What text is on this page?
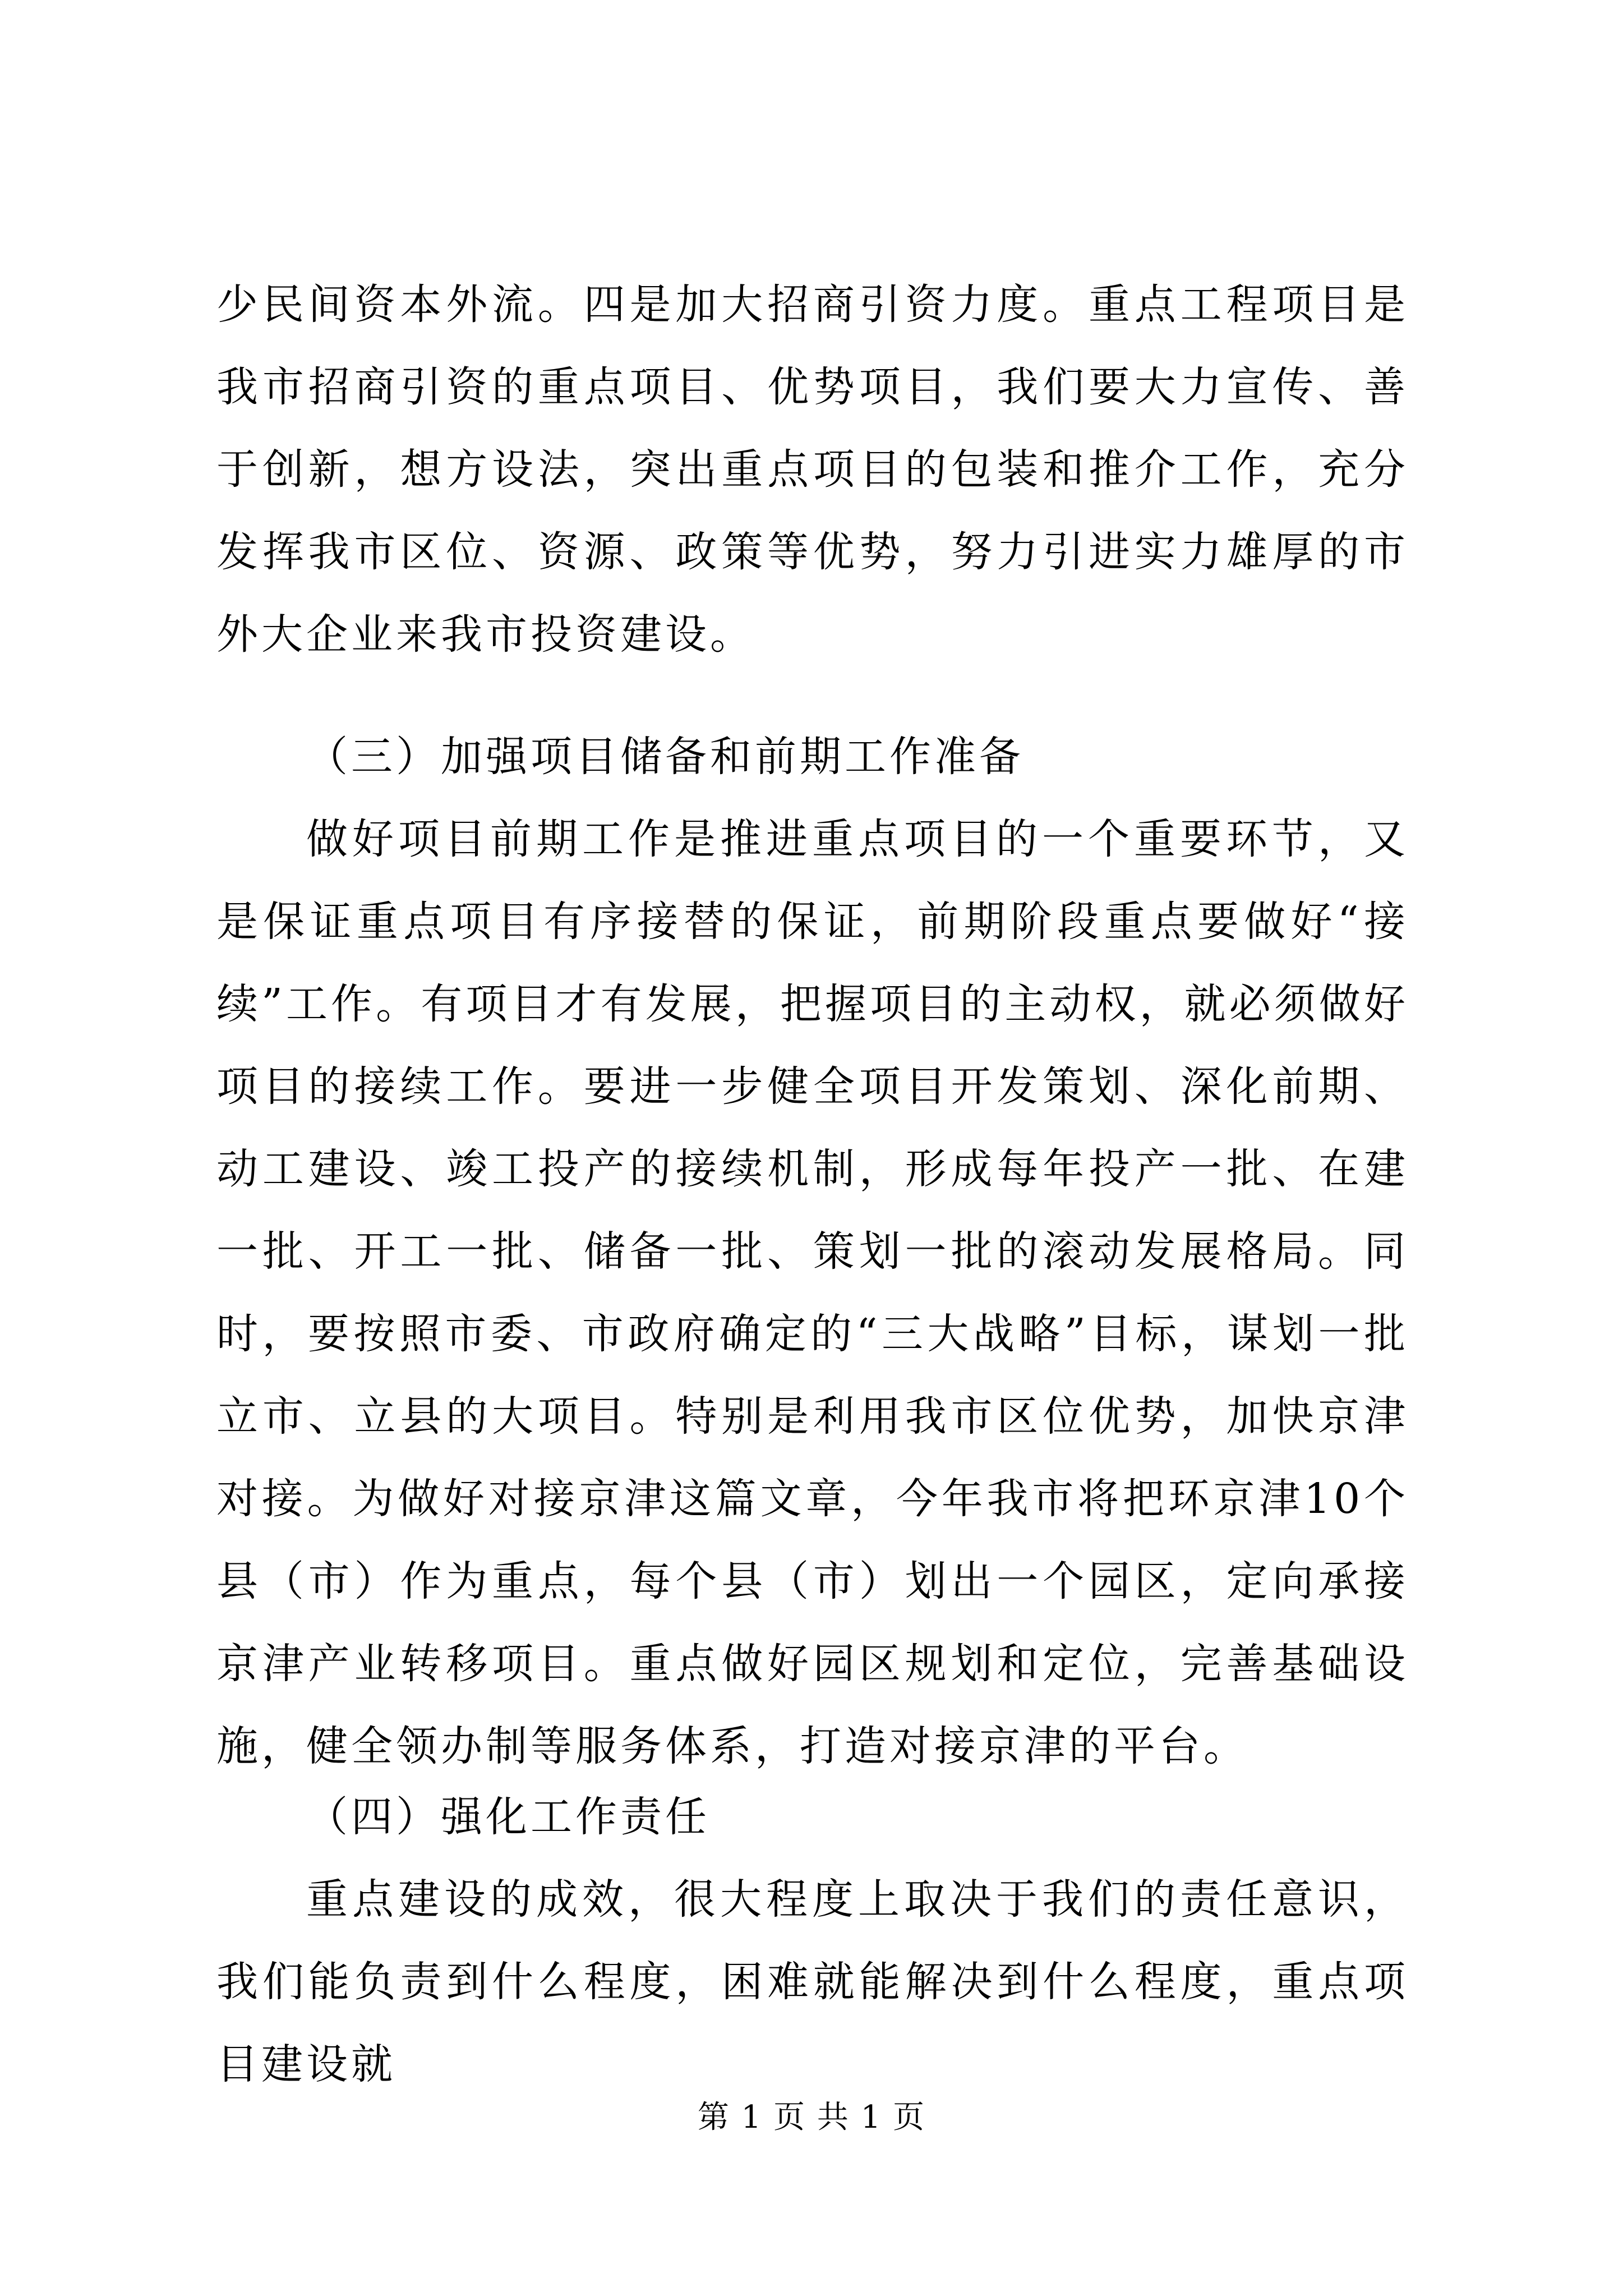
少民间资本外流。四是加大招商引资力度。重点工程项目是我市招商引资的重点项目、优势项目，我们要大力宣传、善于创新，想方设法，突出重点项目的包装和推介工作，充分发挥我市区位、资源、政策等优势，努力引进实力雄厚的市外大企业来我市投资建设。

（三）加强项目储备和前期工作准备

做好项目前期工作是推进重点项目的一个重要环节，又是保证重点项目有序接替的保证，前期阶段重点要做好“接续”工作。有项目才有发展，把握项目的主动权，就必须做好项目的接续工作。要进一步健全项目开发策划、深化前期、动工建设、竣工投产的接续机制，形成每年投产一批、在建一批、开工一批、储备一批、策划一批的滚动发展格局。同时，要按照市委、市政府确定的“三大战略”目标，谋划一批立市、立县的大项目。特别是利用我市区位优势，加快京津对接。为做好对接京津这篇文章，今年我市将把环京津10个县（市）作为重点，每个县（市）划出一个园区，定向承接京津产业转移项目。重点做好园区规划和定位，完善基础设施，健全领办制等服务体系，打造对接京津的平台。

（四）强化工作责任

重点建设的成效，很大程度上取决于我们的责任意识，我们能负责到什么程度，困难就能解决到什么程度，重点项目建设就

第 1 页 共 1 页
